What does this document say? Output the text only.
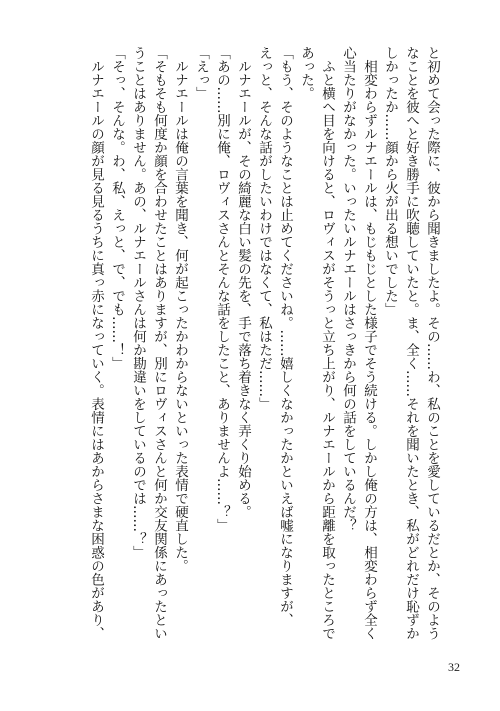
と初めて会った際に、彼から聞きましたよ。その……わ、私のことを愛しているだとか、そのよう
なことを彼へと好き勝手に吹聴していたと。ま、全く……それを聞いたとき、私がどれだけ恥ずか
しかったか……顔から火が出る想いでした」
　相変わらずルナエールは、もじもじとした様子でそう続ける。しかし俺の方は、相変わらず全く
心当たりがなかった。いったいルナエールはさっきから何の話をしているんだ？
　ふと横へ目を向けると、ロヴィスがそうっと立ち上がり、ルナエールから距離を取ったところで
あった。
「もう、そのようなことは止めてくださいね。……嬉しくなかったかといえば嘘になりますが、
えっと、そんな話がしたいわけではなくて、私はただ……」
　ルナエールが、その綺麗な白い髪の先を、手で落ち着きなく弄くり始める。
「あの……別に俺、ロヴィスさんとそんな話をしたこと、ありませんよ……？」
「えっ」
　ルナエールは俺の言葉を聞き、何が起こったかわからないといった表情で硬直した。
「そもそも何度か顔を合わせたことはありますが、別にロヴィスさんと何か交友関係にあったとい
うことはありません。あの、ルナエールさんは何か勘違いをしているのでは……？」
「そっ、そんな。わ、私、えっと、で、でも……！」
　ルナエールの顔が見る見るうちに真っ赤になっていく。表情にはあからさまな困惑の色があり、
32
